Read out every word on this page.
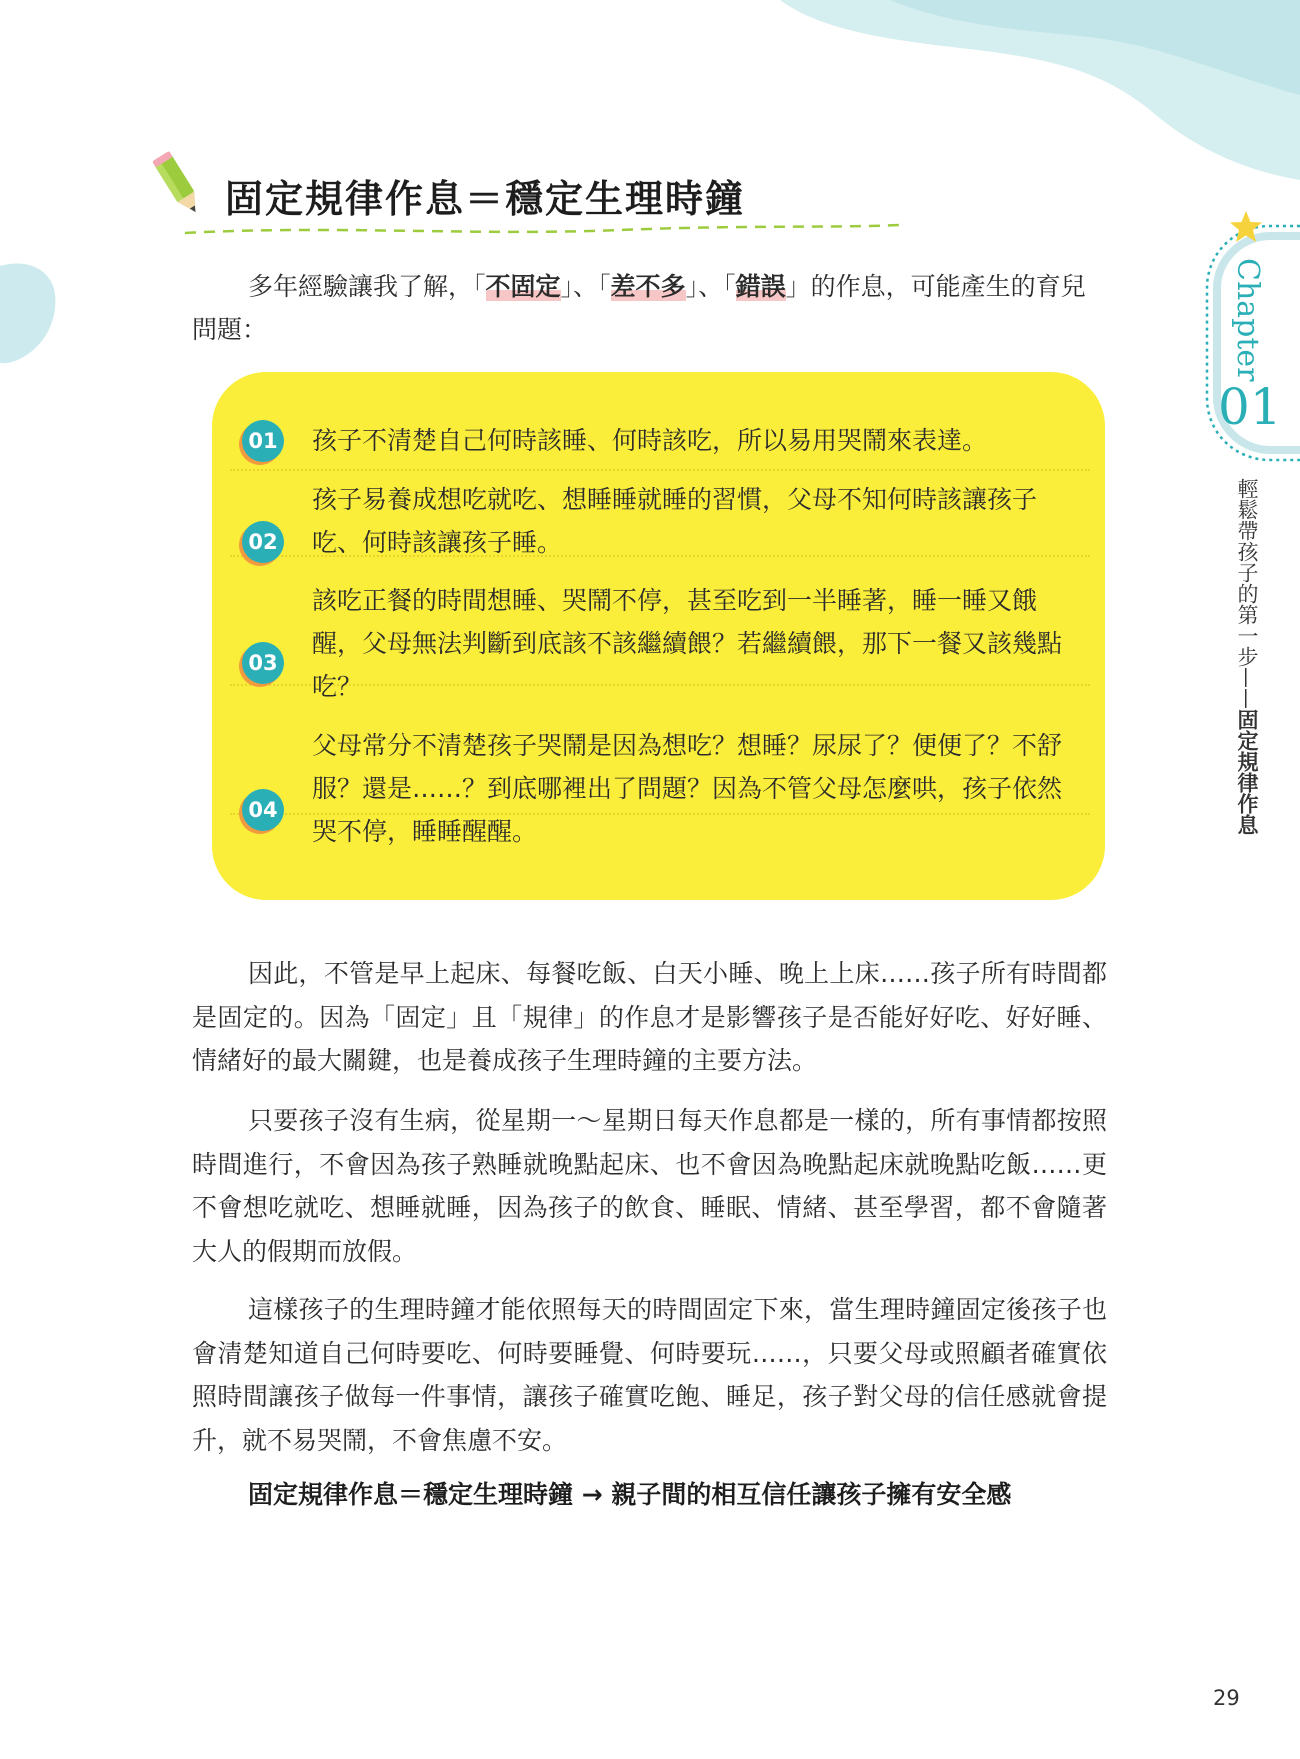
固定規律作息＝穩定生理時鐘

多年經驗讓我了解，「不固定」、「差不多」、「錯誤」的作息，可能產生的育兒問題：

01 孩子不清楚自己何時該睡、何時該吃，所以易用哭鬧來表達。

02

孩子易養成想吃就吃、想睡睡就睡的習慣，父母不知何時該讓孩子吃、何時該讓孩子睡。

03

該吃正餐的時間想睡、哭鬧不停，甚至吃到一半睡著，睡一睡又餓醒，父母無法判斷到底該不該繼續餵？若繼續餵，那下一餐又該幾點吃？

04

父母常分不清楚孩子哭鬧是因為想吃？想睡？尿尿了？便便了？不舒服？還是……？到底哪裡出了問題？因為不管父母怎麼哄，孩子依然哭不停，睡睡醒醒。

因此，不管是早上起床、每餐吃飯、白天小睡、晚上上床……孩子所有時間都是固定的。因為「固定」且「規律」的作息才是影響孩子是否能好好吃、好好睡、情緒好的最大關鍵，也是養成孩子生理時鐘的主要方法。

只要孩子沒有生病，從星期一～星期日每天作息都是一樣的，所有事情都按照時間進行，不會因為孩子熟睡就晚點起床、也不會因為晚點起床就晚點吃飯……更不會想吃就吃、想睡就睡，因為孩子的飲食、睡眠、情緒、甚至學習，都不會隨著大人的假期而放假。

這樣孩子的生理時鐘才能依照每天的時間固定下來，當生理時鐘固定後孩子也會清楚知道自己何時要吃、何時要睡覺、何時要玩……，只要父母或照顧者確實依照時間讓孩子做每一件事情，讓孩子確實吃飽、睡足，孩子對父母的信任感就會提升，就不易哭鬧，不會焦慮不安。

固定規律作息＝穩定生理時鐘 → 親子間的相互信任讓孩子擁有安全感

Chapter
01
輕鬆帶孩子的第一步——固定規律作息
29
